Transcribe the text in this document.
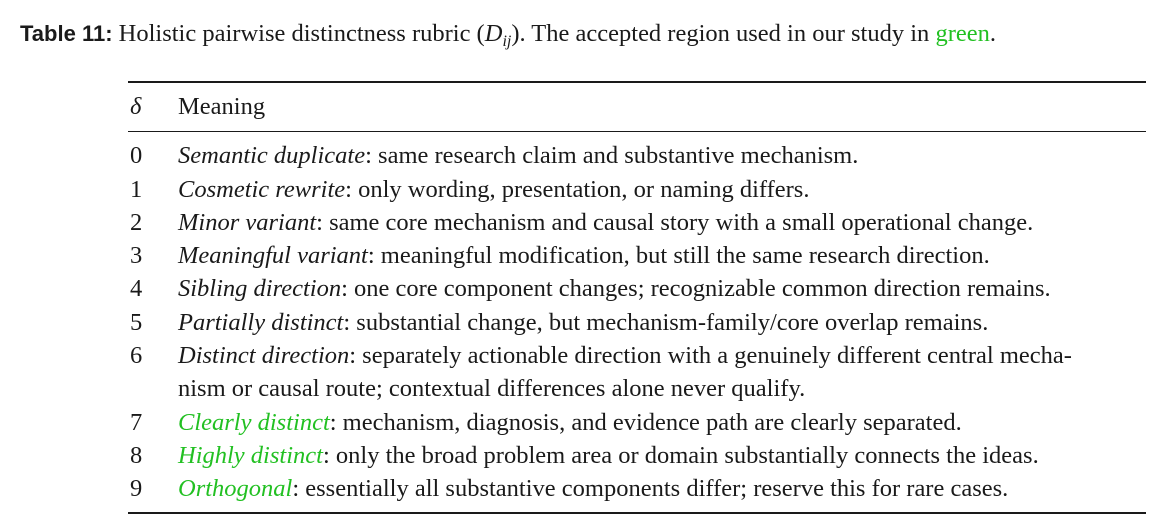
Table 11: Holistic pairwise distinctness rubric $(D_{ij})$. The accepted region used in our study in green.
δ	Meaning
0	Semantic duplicate: same research claim and substantive mechanism.
1	Cosmetic rewrite: only wording, presentation, or naming differs.
2	Minor variant: same core mechanism and causal story with a small operational change.
3	Meaningful variant: meaningful modification, but still the same research direction.
4	Sibling direction: one core component changes; recognizable common direction remains.
5	Partially distinct: substantial change, but mechanism-family/core overlap remains.
6	Distinct direction: separately actionable direction with a genuinely different central mecha-
nism or causal route; contextual differences alone never qualify.
7	Clearly distinct: mechanism, diagnosis, and evidence path are clearly separated.
8	Highly distinct: only the broad problem area or domain substantially connects the ideas.
9	Orthogonal: essentially all substantive components differ; reserve this for rare cases.
